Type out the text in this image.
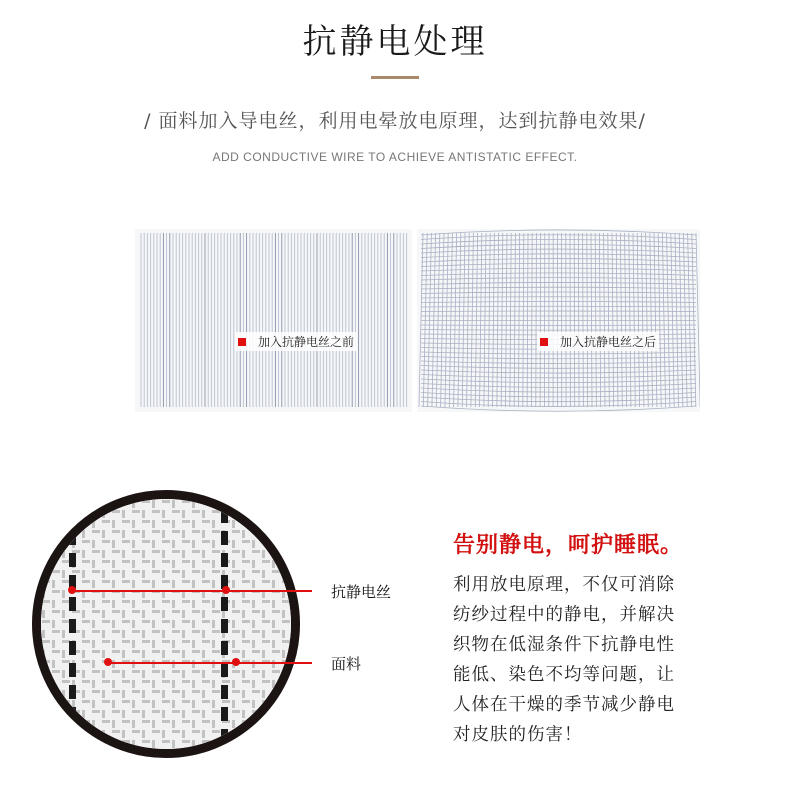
抗静电处理
/ 面料加入导电丝，利用电晕放电原理，达到抗静电效果/
ADD CONDUCTIVE WIRE TO ACHIEVE ANTISTATIC EFFECT.
加入抗静电丝之前	加入抗静电丝之后
抗静电丝
面料
告别静电，呵护睡眠。
利用放电原理，不仅可消除
纺纱过程中的静电，并解决
织物在低湿条件下抗静电性
能低、染色不均等问题，让
人体在干燥的季节减少静电
对皮肤的伤害！
